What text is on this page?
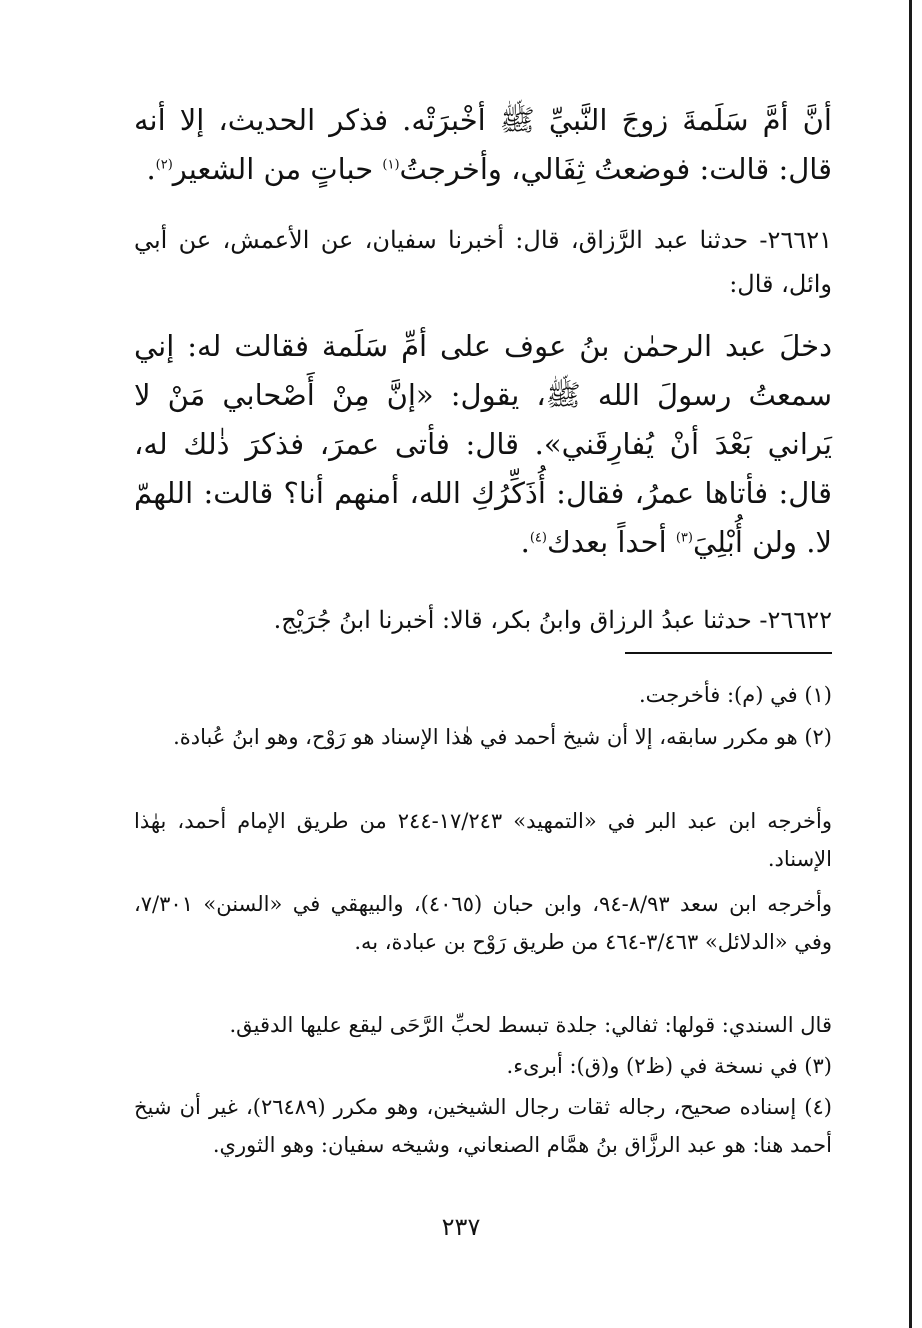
أنَّ أمَّ سَلَمةَ زوجَ النَّبيِّ ﷺ أخْبرَتْه. فذكر الحديث، إلا أنه قال: قالت: فوضعتُ ثِفَالي، وأخرجتُ$^{(١)}$ حباتٍ من الشعير$^{(٢)}$.
٢٦٦٢١- حدثنا عبد الرَّزاق، قال: أخبرنا سفيان، عن الأعمش، عن أبي وائل، قال:
دخلَ عبد الرحمٰن بنُ عوف على أمِّ سَلَمة فقالت له: إني سمعتُ رسولَ الله ﷺ، يقول: «إنَّ مِنْ أَصْحابي مَنْ لا يَراني بَعْدَ أنْ يُفارِقَني». قال: فأتى عمرَ، فذكرَ ذٰلك له، قال: فأتاها عمرُ، فقال: أُذَكِّرُكِ الله، أمنهم أنا؟ قالت: اللهمّ لا. ولن أُبْلِيَ$^{(٣)}$ أحداً بعدك$^{(٤)}$.
٢٦٦٢٢- حدثنا عبدُ الرزاق وابنُ بكر، قالا: أخبرنا ابنُ جُرَيْج.
(١) في (م): فأخرجت.
(٢) هو مكرر سابقه، إلا أن شيخ أحمد في هٰذا الإسناد هو رَوْح، وهو ابنُ عُبادة.
وأخرجه ابن عبد البر في «التمهيد» ١٧/٢٤٣-٢٤٤ من طريق الإمام أحمد، بهٰذا الإسناد.
وأخرجه ابن سعد ٨/٩٣-٩٤، وابن حبان (٤٠٦٥)، والبيهقي في «السنن» ٧/٣٠١، وفي «الدلائل» ٣/٤٦٣-٤٦٤ من طريق رَوْح بن عبادة، به.
قال السندي: قولها: ثفالي: جلدة تبسط لحبِّ الرَّحَى ليقع عليها الدقيق.
(٣) في نسخة في (ظ٢) و(ق): أبرىء.
(٤) إسناده صحيح، رجاله ثقات رجال الشيخين، وهو مكرر (٢٦٤٨٩)، غير أن شيخ أحمد هنا: هو عبد الرزَّاق بنُ همَّام الصنعاني، وشيخه سفيان: وهو الثوري.
٢٣٧
